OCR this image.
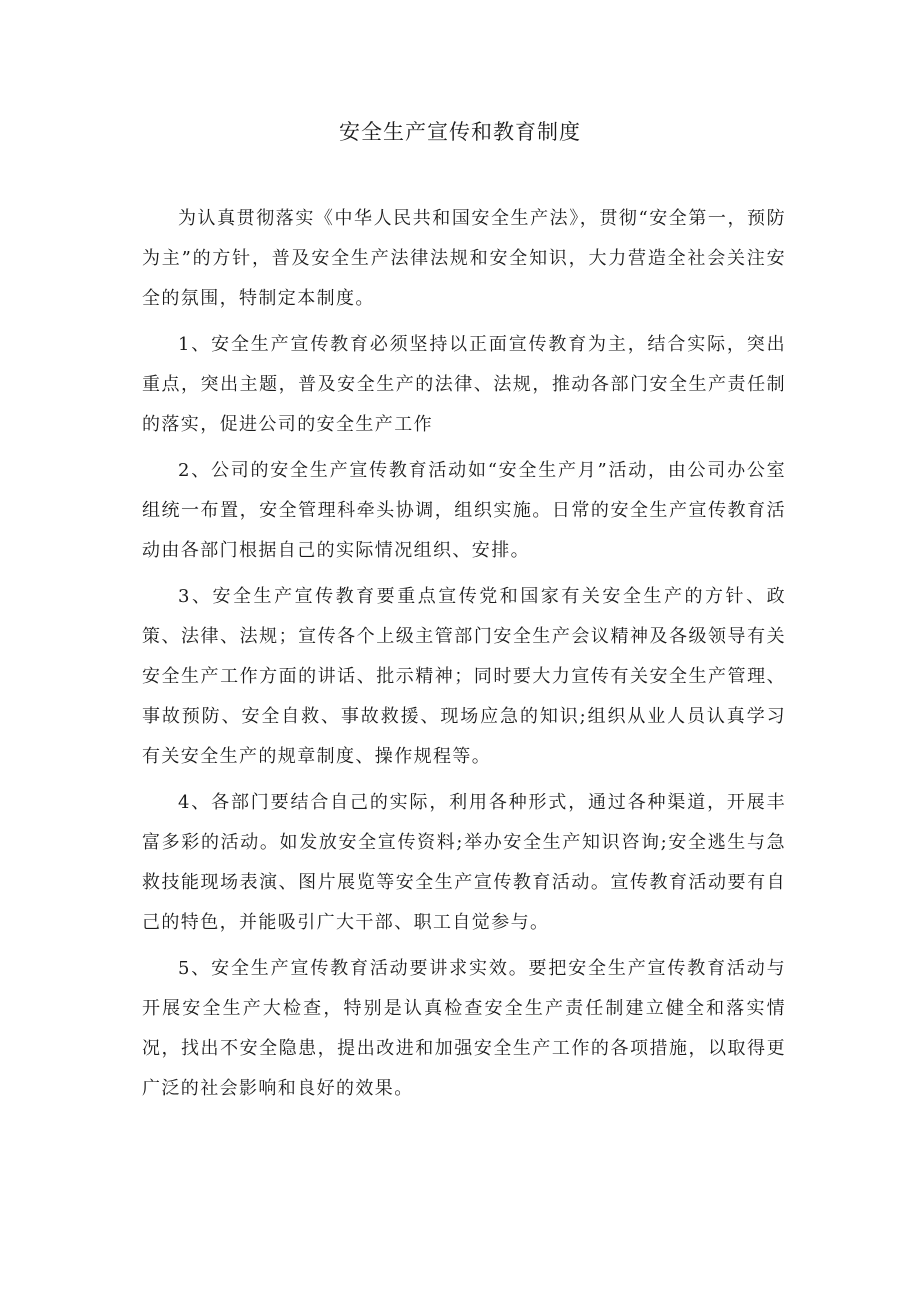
安全生产宣传和教育制度

为认真贯彻落实《中华人民共和国安全生产法》，贯彻“安全第一，预防为主”的方针，普及安全生产法律法规和安全知识，大力营造全社会关注安全的氛围，特制定本制度。

1、安全生产宣传教育必须坚持以正面宣传教育为主，结合实际，突出重点，突出主题，普及安全生产的法律、法规，推动各部门安全生产责任制的落实，促进公司的安全生产工作

2、公司的安全生产宣传教育活动如“安全生产月”活动，由公司办公室组统一布置，安全管理科牵头协调，组织实施。日常的安全生产宣传教育活动由各部门根据自己的实际情况组织、安排。

3、安全生产宣传教育要重点宣传党和国家有关安全生产的方针、政策、法律、法规；宣传各个上级主管部门安全生产会议精神及各级领导有关安全生产工作方面的讲话、批示精神；同时要大力宣传有关安全生产管理、事故预防、安全自救、事故救援、现场应急的知识;组织从业人员认真学习有关安全生产的规章制度、操作规程等。

4、各部门要结合自己的实际，利用各种形式，通过各种渠道，开展丰富多彩的活动。如发放安全宣传资料;举办安全生产知识咨询;安全逃生与急救技能现场表演、图片展览等安全生产宣传教育活动。宣传教育活动要有自己的特色，并能吸引广大干部、职工自觉参与。

5、安全生产宣传教育活动要讲求实效。要把安全生产宣传教育活动与开展安全生产大检查，特别是认真检查安全生产责任制建立健全和落实情况，找出不安全隐患，提出改进和加强安全生产工作的各项措施，以取得更广泛的社会影响和良好的效果。
